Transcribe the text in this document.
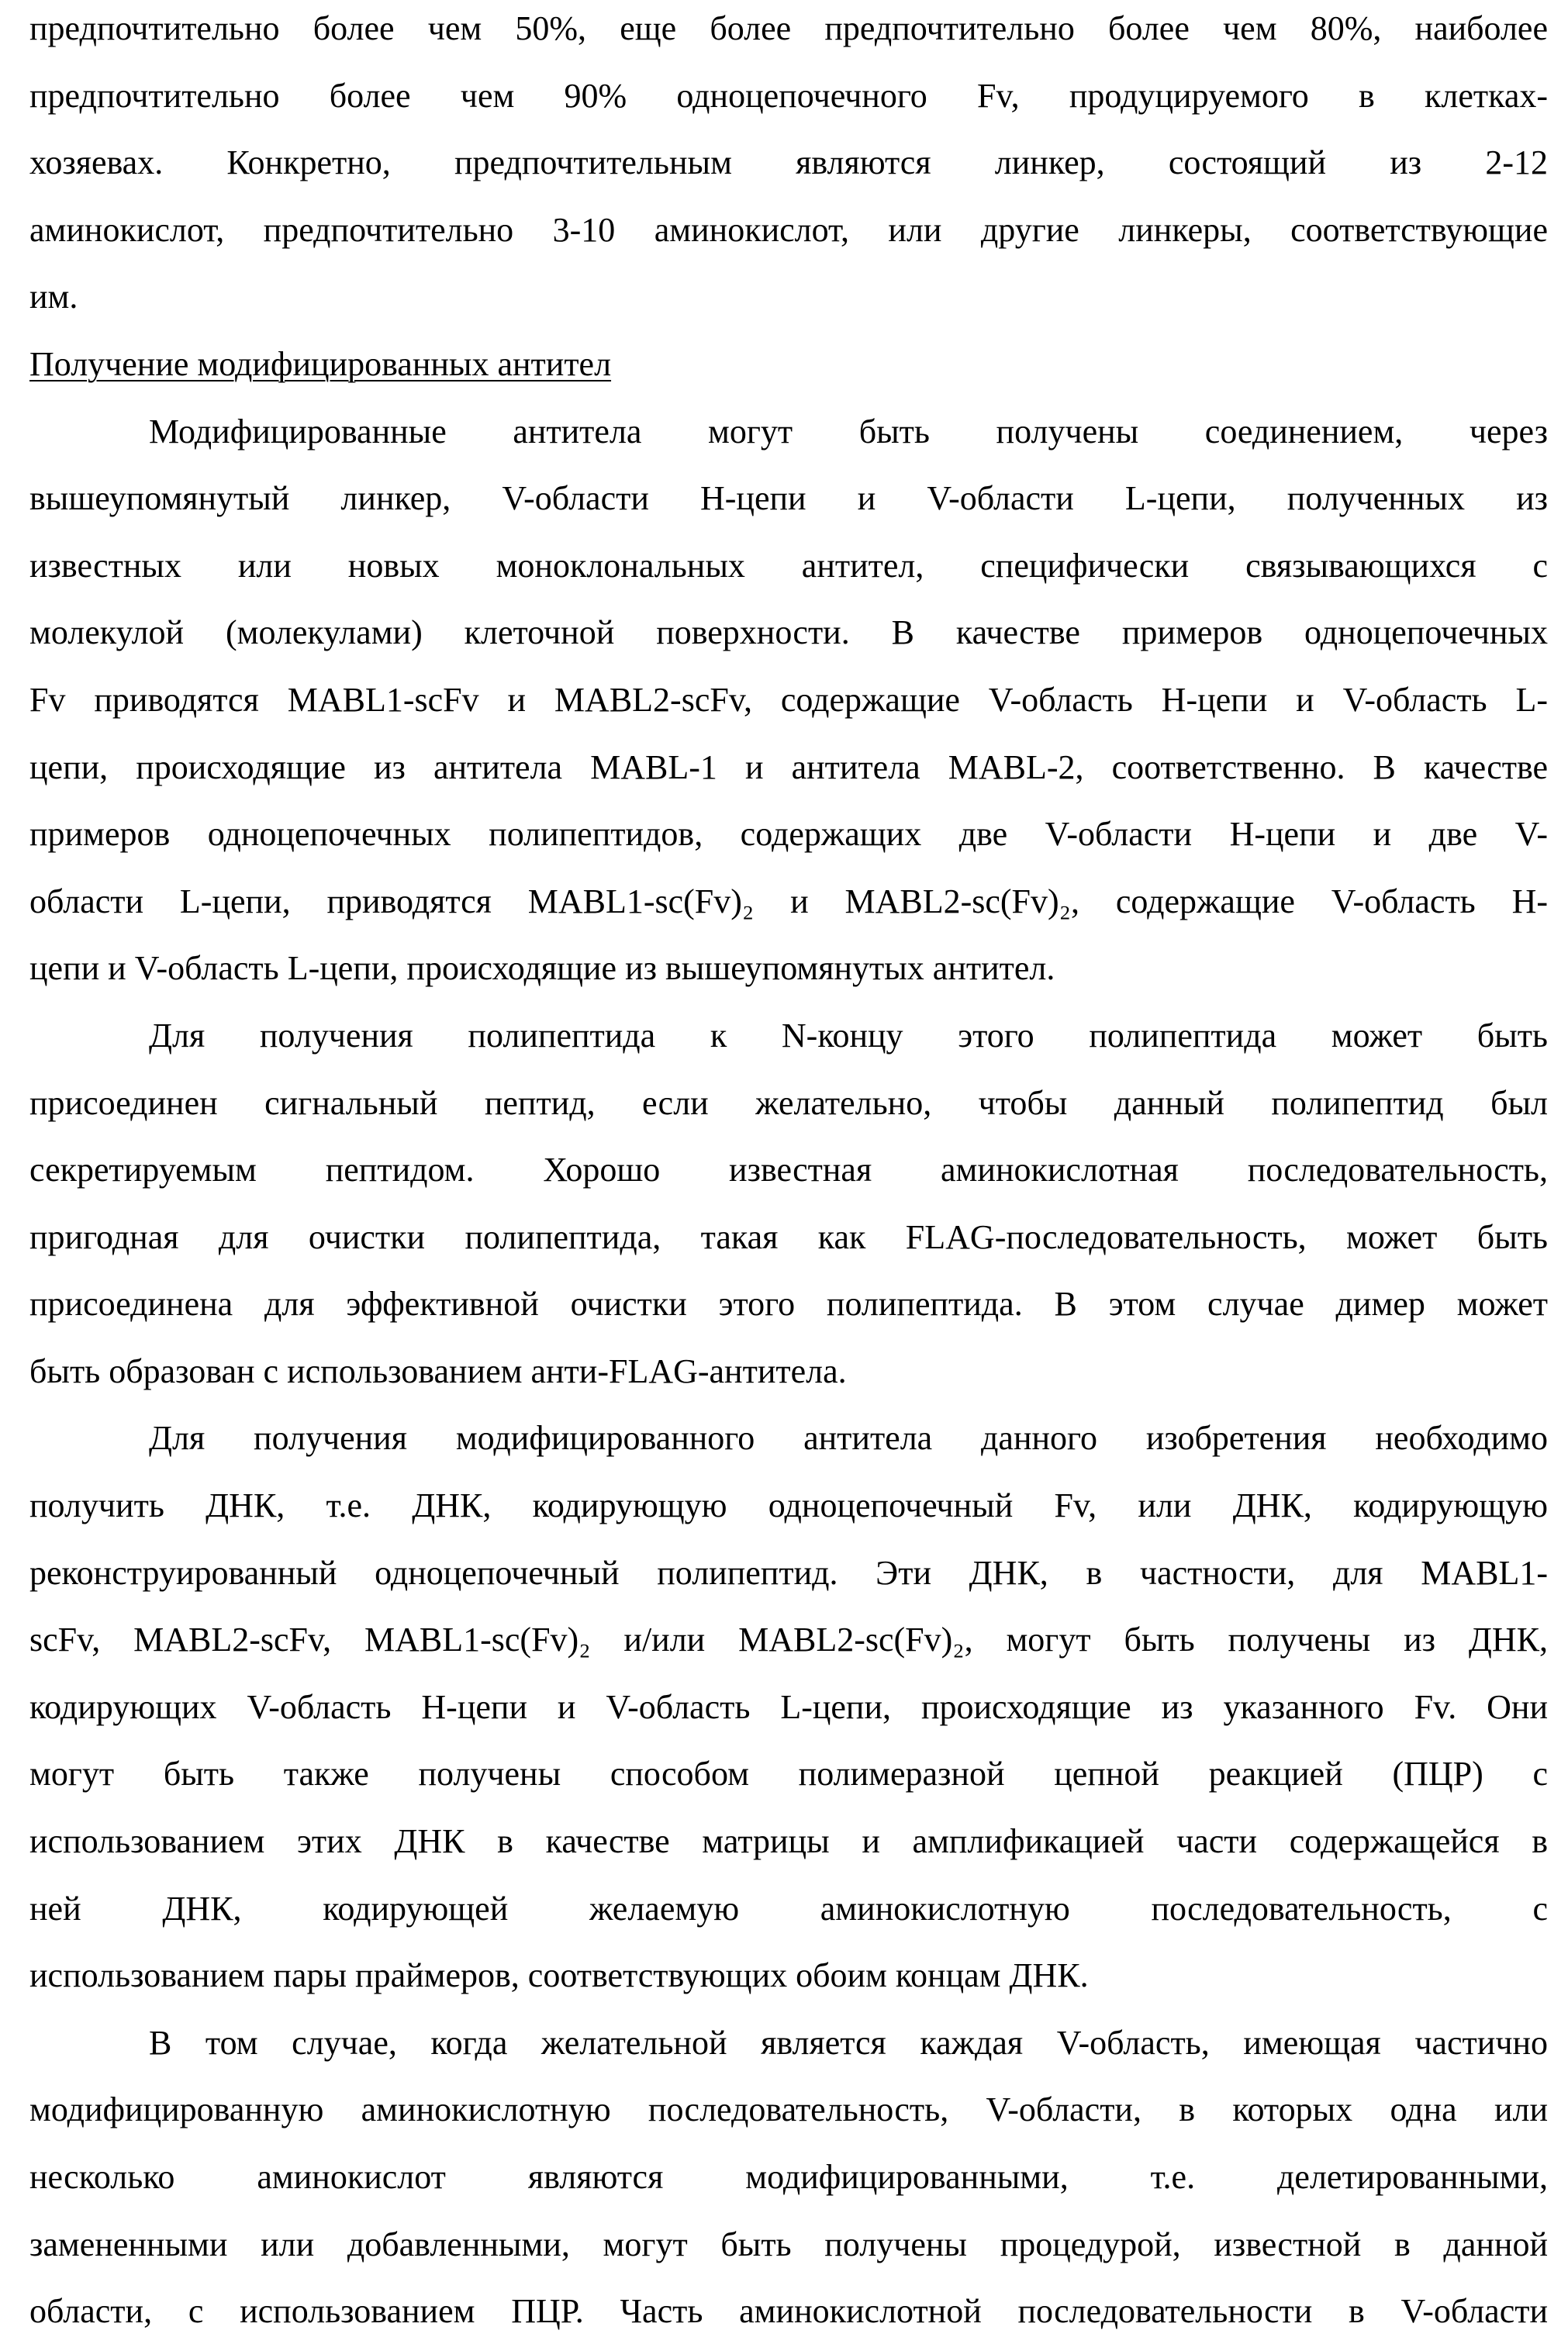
предпочтительно более чем 50%, еще более предпочтительно более чем 80%, наиболее
предпочтительно более чем 90% одноцепочечного Fv, продуцируемого в клетках-
хозяевах. Конкретно, предпочтительным являются линкер, состоящий из 2-12
аминокислот, предпочтительно 3-10 аминокислот, или другие линкеры, соответствующие
им.
Получение модифицированных антител
Модифицированные антитела могут быть получены соединением, через
вышеупомянутый линкер, V-области H-цепи и V-области L-цепи, полученных из
известных или новых моноклональных антител, специфически связывающихся с
молекулой (молекулами) клеточной поверхности. В качестве примеров одноцепочечных
Fv приводятся MABL1-scFv и MABL2-scFv, содержащие V-область H-цепи и V-область L-
цепи, происходящие из антитела MABL-1 и антитела MABL-2, соответственно. В качестве
примеров одноцепочечных полипептидов, содержащих две V-области H-цепи и две V-
области L-цепи, приводятся MABL1-sc(Fv)₂ и MABL2-sc(Fv)₂, содержащие V-область H-
цепи и V-область L-цепи, происходящие из вышеупомянутых антител.
Для получения полипептида к N-концу этого полипептида может быть
присоединен сигнальный пептид, если желательно, чтобы данный полипептид был
секретируемым пептидом. Хорошо известная аминокислотная последовательность,
пригодная для очистки полипептида, такая как FLAG-последовательность, может быть
присоединена для эффективной очистки этого полипептида. В этом случае димер может
быть образован с использованием анти-FLAG-антитела.
Для получения модифицированного антитела данного изобретения необходимо
получить ДНК, т.е. ДНК, кодирующую одноцепочечный Fv, или ДНК, кодирующую
реконструированный одноцепочечный полипептид. Эти ДНК, в частности, для MABL1-
scFv, MABL2-scFv, MABL1-sc(Fv)₂ и/или MABL2-sc(Fv)₂, могут быть получены из ДНК,
кодирующих V-область H-цепи и V-область L-цепи, происходящие из указанного Fv. Они
могут быть также получены способом полимеразной цепной реакцией (ПЦР) с
использованием этих ДНК в качестве матрицы и амплификацией части содержащейся в
ней ДНК, кодирующей желаемую аминокислотную последовательность, с
использованием пары праймеров, соответствующих обоим концам ДНК.
В том случае, когда желательной является каждая V-область, имеющая частично
модифицированную аминокислотную последовательность, V-области, в которых одна или
несколько аминокислот являются модифицированными, т.е. делетированными,
замененными или добавленными, могут быть получены процедурой, известной в данной
области, с использованием ПЦР. Часть аминокислотной последовательности в V-области
